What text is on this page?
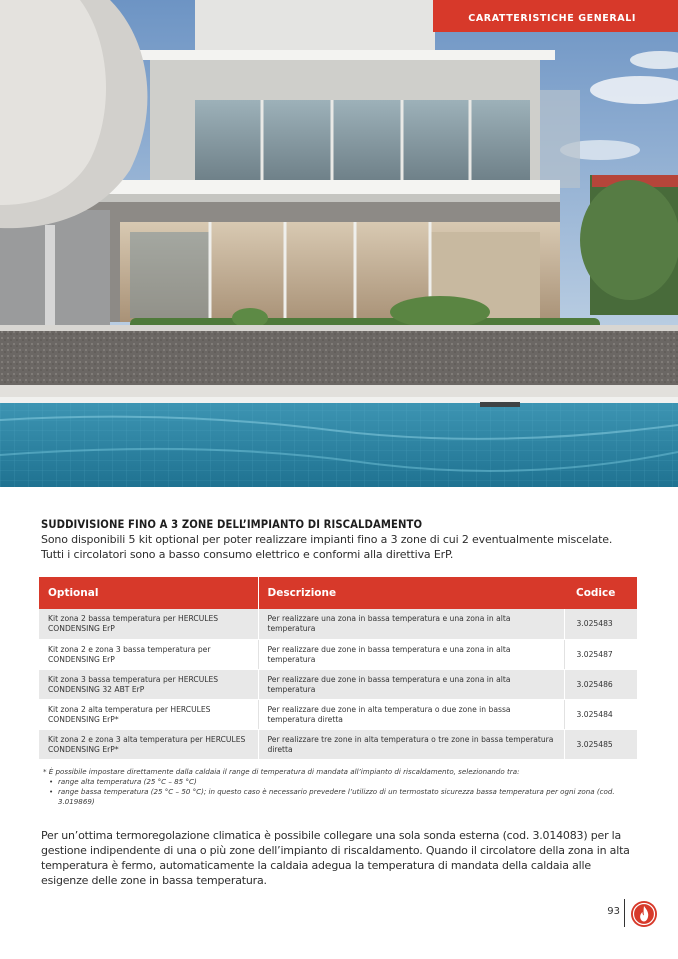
CARATTERISTICHE GENERALI
SUDDIVISIONE FINO A 3 ZONE DELL’IMPIANTO DI RISCALDAMENTO

Sono disponibili 5 kit optional per poter realizzare impianti fino a 3 zone di cui 2 eventualmente miscelate.

Tutti i circolatori sono a basso consumo elettrico e conformi alla direttiva ErP.

Optional	Descrizione	Codice
Kit zona 2 bassa temperatura per HERCULES CONDENSING ErP	Per realizzare una zona in bassa temperatura e una zona in alta temperatura	3.025483
Kit zona 2 e zona 3 bassa temperatura per CONDENSING ErP	Per realizzare due zone in bassa temperatura e una zona in alta temperatura	3.025487
Kit zona 3 bassa temperatura per HERCULES CONDENSING 32 ABT ErP	Per realizzare due zone in bassa temperatura e una zona in alta temperatura	3.025486
Kit zona 2 alta temperatura per HERCULES CONDENSING ErP*	Per realizzare due zone in alta temperatura o due zone in bassa temperatura diretta	3.025484
Kit zona 2 e zona 3 alta temperatura per HERCULES CONDENSING ErP*	Per realizzare tre zone in alta temperatura o tre zone in bassa temperatura diretta	3.025485

* È possibile impostare direttamente dalla caldaia il range di temperatura di mandata all’impianto di riscaldamento, selezionando tra:

• range alta temperatura (25 °C – 85 °C)
• range bassa temperatura (25 °C – 50 °C); in questo caso è necessario prevedere l’utilizzo di un termostato sicurezza bassa temperatura per ogni zona (cod. 3.019869)

Per un’ottima termoregolazione climatica è possibile collegare una sola sonda esterna (cod. 3.014083) per la gestione indipendente di una o più zone dell’impianto di riscaldamento. Quando il circolatore della zona in alta temperatura è fermo, automaticamente la caldaia adegua la temperatura di mandata della caldaia alle esigenze delle zone in bassa temperatura.

93
